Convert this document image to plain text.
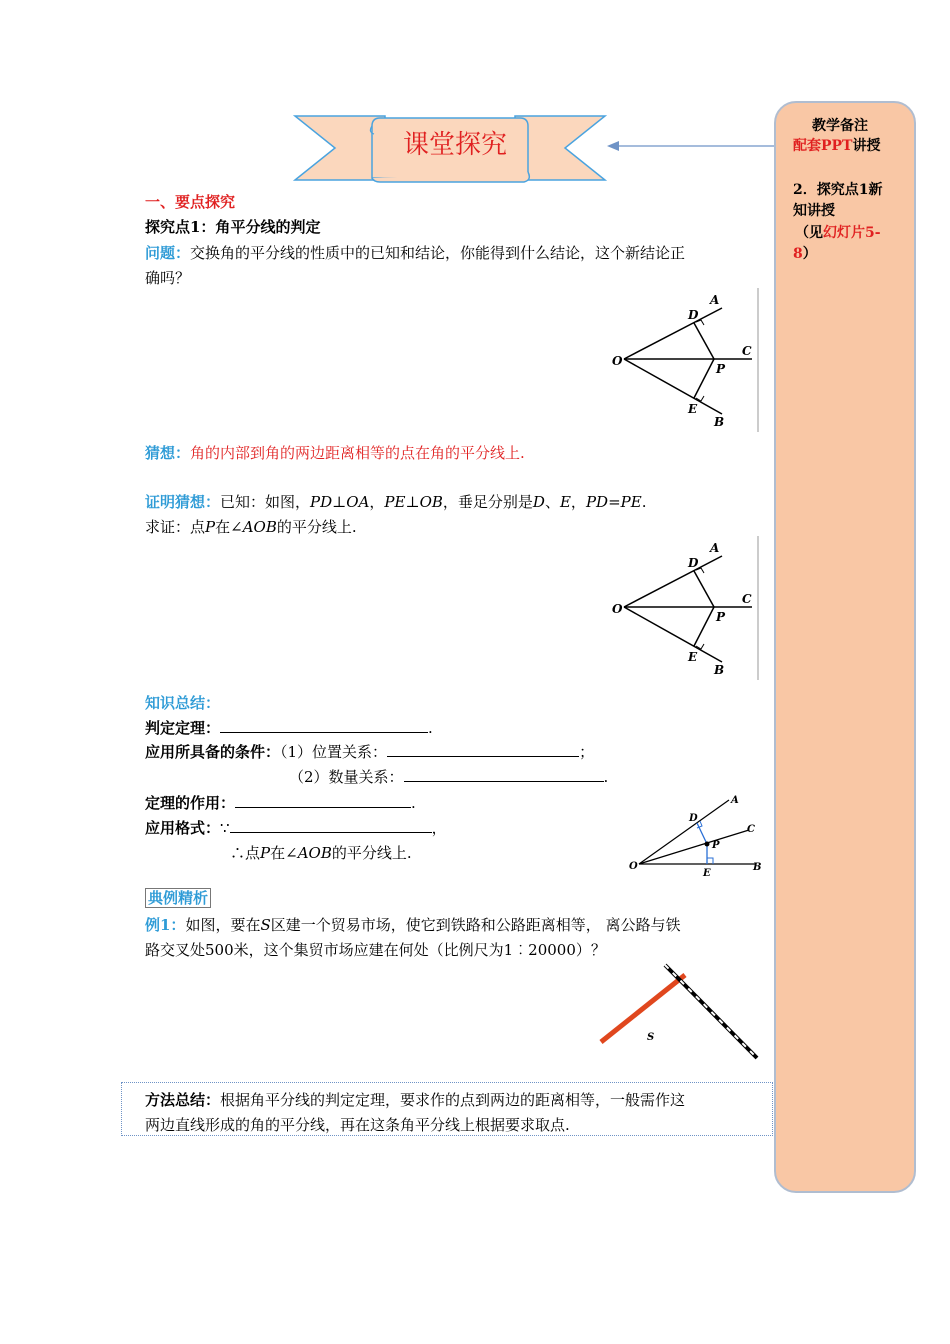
课堂探究
教学备注
配套PPT讲授
2．探究点1新
知讲授
（见幻灯片5-
8）
一、要点探究
探究点1：角平分线的判定
问题：交换角的平分线的性质中的已知和结论，你能得到什么结论，这个新结论正
确吗？
O
A
B
C
D
E
P
猜想：角的内部到角的两边距离相等的点在角的平分线上.
证明猜想：已知：如图，PD⊥OA，PE⊥OB，垂足分别是D、E，PD=PE.
求证：点P在∠AOB的平分线上.
O
A
B
C
D
E
P
知识总结：
判定定理：	.
应用所具备的条件：（1）位置关系：	；
（2）数量关系：	.
定理的作用：	.
应用格式：∵	，
∴点P在∠AOB的平分线上.
O
A
C
B
D
P
E
典例精析
例1：如图，要在S区建一个贸易市场，使它到铁路和公路距离相等， 离公路与铁
路交叉处500米，这个集贸市场应建在何处（比例尺为1︰20000）？
S
方法总结：根据角平分线的判定定理，要求作的点到两边的距离相等，一般需作这
两边直线形成的角的平分线，再在这条角平分线上根据要求取点.
